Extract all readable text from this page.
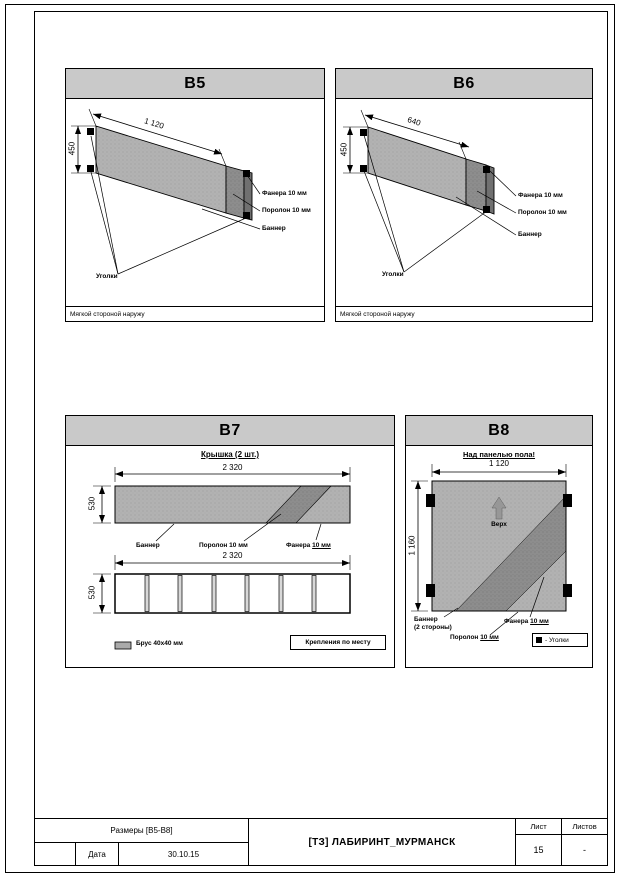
B5
1 120
450
Фанера 10 мм
Поролон 10 мм
Баннер
Уголки
Мягкой стороной наружу
B6
640
450
Фанера 10 мм
Поролон 10 мм
Баннер
Уголки
Мягкой стороной наружу
B7
Крышка (2 шт.)
2 320
530
Баннер	Поролон 10 мм	Фанера 10 мм
2 320
530
Брус 40x40 мм	Крепления по месту
B8
Над панелью пола!
1 120
1 160
Верх
Баннер
(2 стороны)
Фанера 10 мм
Поролон 10 мм	- Уголки
Размеры [B5-B8]
Дата	30.10.15
[ТЗ] ЛАБИРИНТ_МУРМАНСК
Лист
15
Листов
-
